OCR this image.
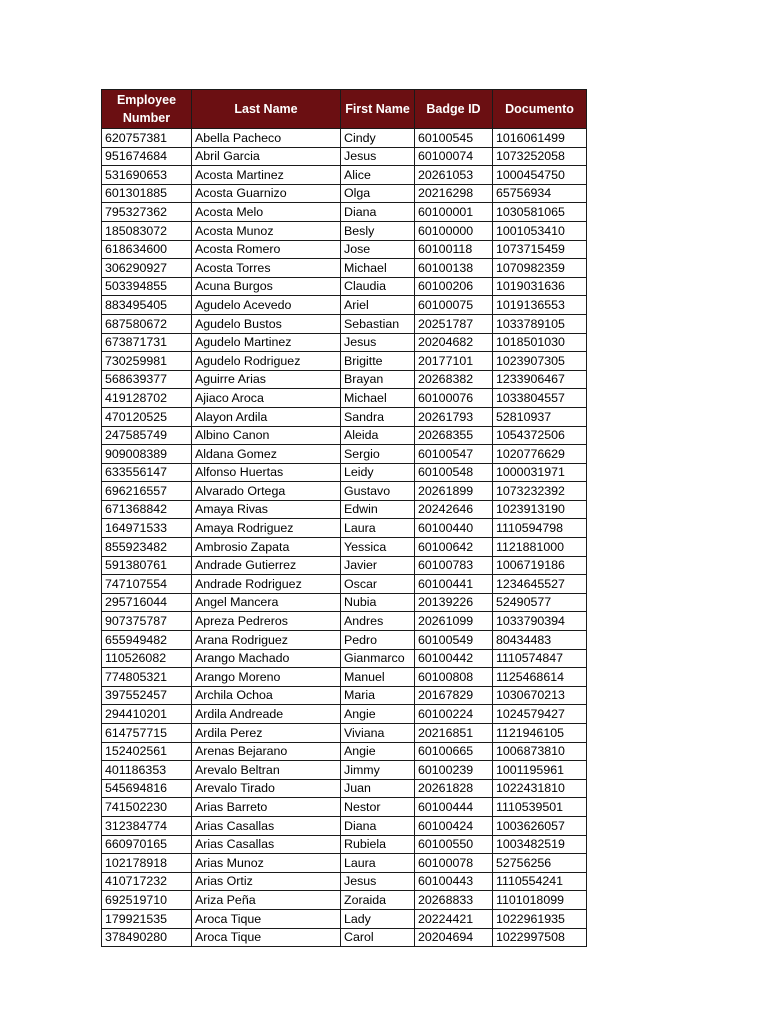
Employee Number	Last Name	First Name	Badge ID	Documento
620757381	Abella Pacheco	Cindy	60100545	1016061499
951674684	Abril Garcia	Jesus	60100074	1073252058
531690653	Acosta Martinez	Alice	20261053	1000454750
601301885	Acosta Guarnizo	Olga	20216298	65756934
795327362	Acosta Melo	Diana	60100001	1030581065
185083072	Acosta Munoz	Besly	60100000	1001053410
618634600	Acosta Romero	Jose	60100118	1073715459
306290927	Acosta Torres	Michael	60100138	1070982359
503394855	Acuna Burgos	Claudia	60100206	1019031636
883495405	Agudelo Acevedo	Ariel	60100075	1019136553
687580672	Agudelo Bustos	Sebastian	20251787	1033789105
673871731	Agudelo Martinez	Jesus	20204682	1018501030
730259981	Agudelo Rodriguez	Brigitte	20177101	1023907305
568639377	Aguirre Arias	Brayan	20268382	1233906467
419128702	Ajiaco Aroca	Michael	60100076	1033804557
470120525	Alayon Ardila	Sandra	20261793	52810937
247585749	Albino Canon	Aleida	20268355	1054372506
909008389	Aldana Gomez	Sergio	60100547	1020776629
633556147	Alfonso Huertas	Leidy	60100548	1000031971
696216557	Alvarado Ortega	Gustavo	20261899	1073232392
671368842	Amaya Rivas	Edwin	20242646	1023913190
164971533	Amaya Rodriguez	Laura	60100440	1110594798
855923482	Ambrosio Zapata	Yessica	60100642	1121881000
591380761	Andrade Gutierrez	Javier	60100783	1006719186
747107554	Andrade Rodriguez	Oscar	60100441	1234645527
295716044	Angel Mancera	Nubia	20139226	52490577
907375787	Apreza Pedreros	Andres	20261099	1033790394
655949482	Arana Rodriguez	Pedro	60100549	80434483
110526082	Arango Machado	Gianmarco	60100442	1110574847
774805321	Arango Moreno	Manuel	60100808	1125468614
397552457	Archila Ochoa	Maria	20167829	1030670213
294410201	Ardila Andreade	Angie	60100224	1024579427
614757715	Ardila Perez	Viviana	20216851	1121946105
152402561	Arenas Bejarano	Angie	60100665	1006873810
401186353	Arevalo Beltran	Jimmy	60100239	1001195961
545694816	Arevalo Tirado	Juan	20261828	1022431810
741502230	Arias Barreto	Nestor	60100444	1110539501
312384774	Arias Casallas	Diana	60100424	1003626057
660970165	Arias Casallas	Rubiela	60100550	1003482519
102178918	Arias Munoz	Laura	60100078	52756256
410717232	Arias Ortiz	Jesus	60100443	1110554241
692519710	Ariza Peña	Zoraida	20268833	1101018099
179921535	Aroca Tique	Lady	20224421	1022961935
378490280	Aroca Tique	Carol	20204694	1022997508
